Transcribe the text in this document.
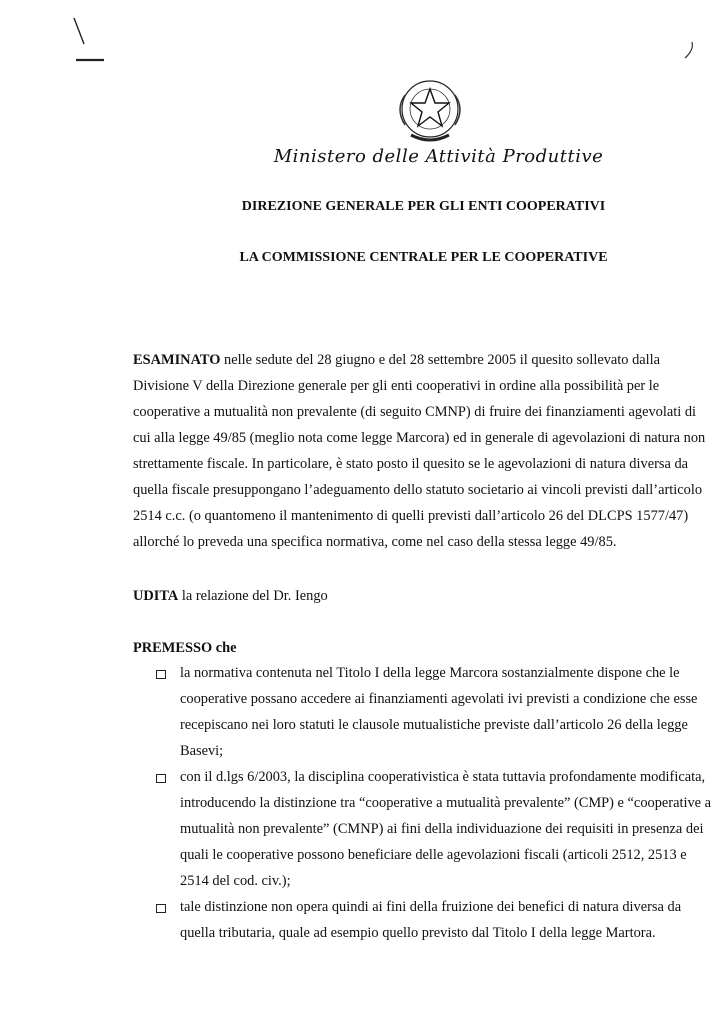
Ministero delle Attività Produttive
DIREZIONE GENERALE PER GLI ENTI COOPERATIVI
LA COMMISSIONE CENTRALE PER LE COOPERATIVE
ESAMINATO nelle sedute del 28 giugno e del 28 settembre 2005 il quesito sollevato dalla
Divisione V della Direzione generale per gli enti cooperativi in ordine alla possibilità per le
cooperative a mutualità non prevalente (di seguito CMNP) di fruire dei finanziamenti agevolati di
cui alla legge 49/85 (meglio nota come legge Marcora) ed in generale di agevolazioni di natura non
strettamente fiscale. In particolare, è stato posto il quesito se le agevolazioni di natura diversa da
quella fiscale presuppongano l’adeguamento dello statuto societario ai vincoli previsti dall’articolo
2514 c.c. (o quantomeno il mantenimento di quelli previsti dall’articolo 26 del DLCPS 1577/47)
allorché lo preveda una specifica normativa, come nel caso della stessa legge 49/85.
UDITA la relazione del Dr. Iengo
PREMESSO che
la normativa contenuta nel Titolo I della legge Marcora sostanzialmente dispone che le
cooperative possano accedere ai finanziamenti agevolati ivi previsti a condizione che esse
recepiscano nei loro statuti le clausole mutualistiche previste dall’articolo 26 della legge
Basevi;
con il d.lgs 6/2003, la disciplina cooperativistica è stata tuttavia profondamente modificata,
introducendo la distinzione tra “cooperative a mutualità prevalente” (CMP) e “cooperative a
mutualità non prevalente” (CMNP) ai fini della individuazione dei requisiti in presenza dei
quali le cooperative possono beneficiare delle agevolazioni fiscali (articoli 2512, 2513 e
2514 del cod. civ.);
tale distinzione non opera quindi ai fini della fruizione dei benefici di natura diversa da
quella tributaria, quale ad esempio quello previsto dal Titolo I della legge Martora.
